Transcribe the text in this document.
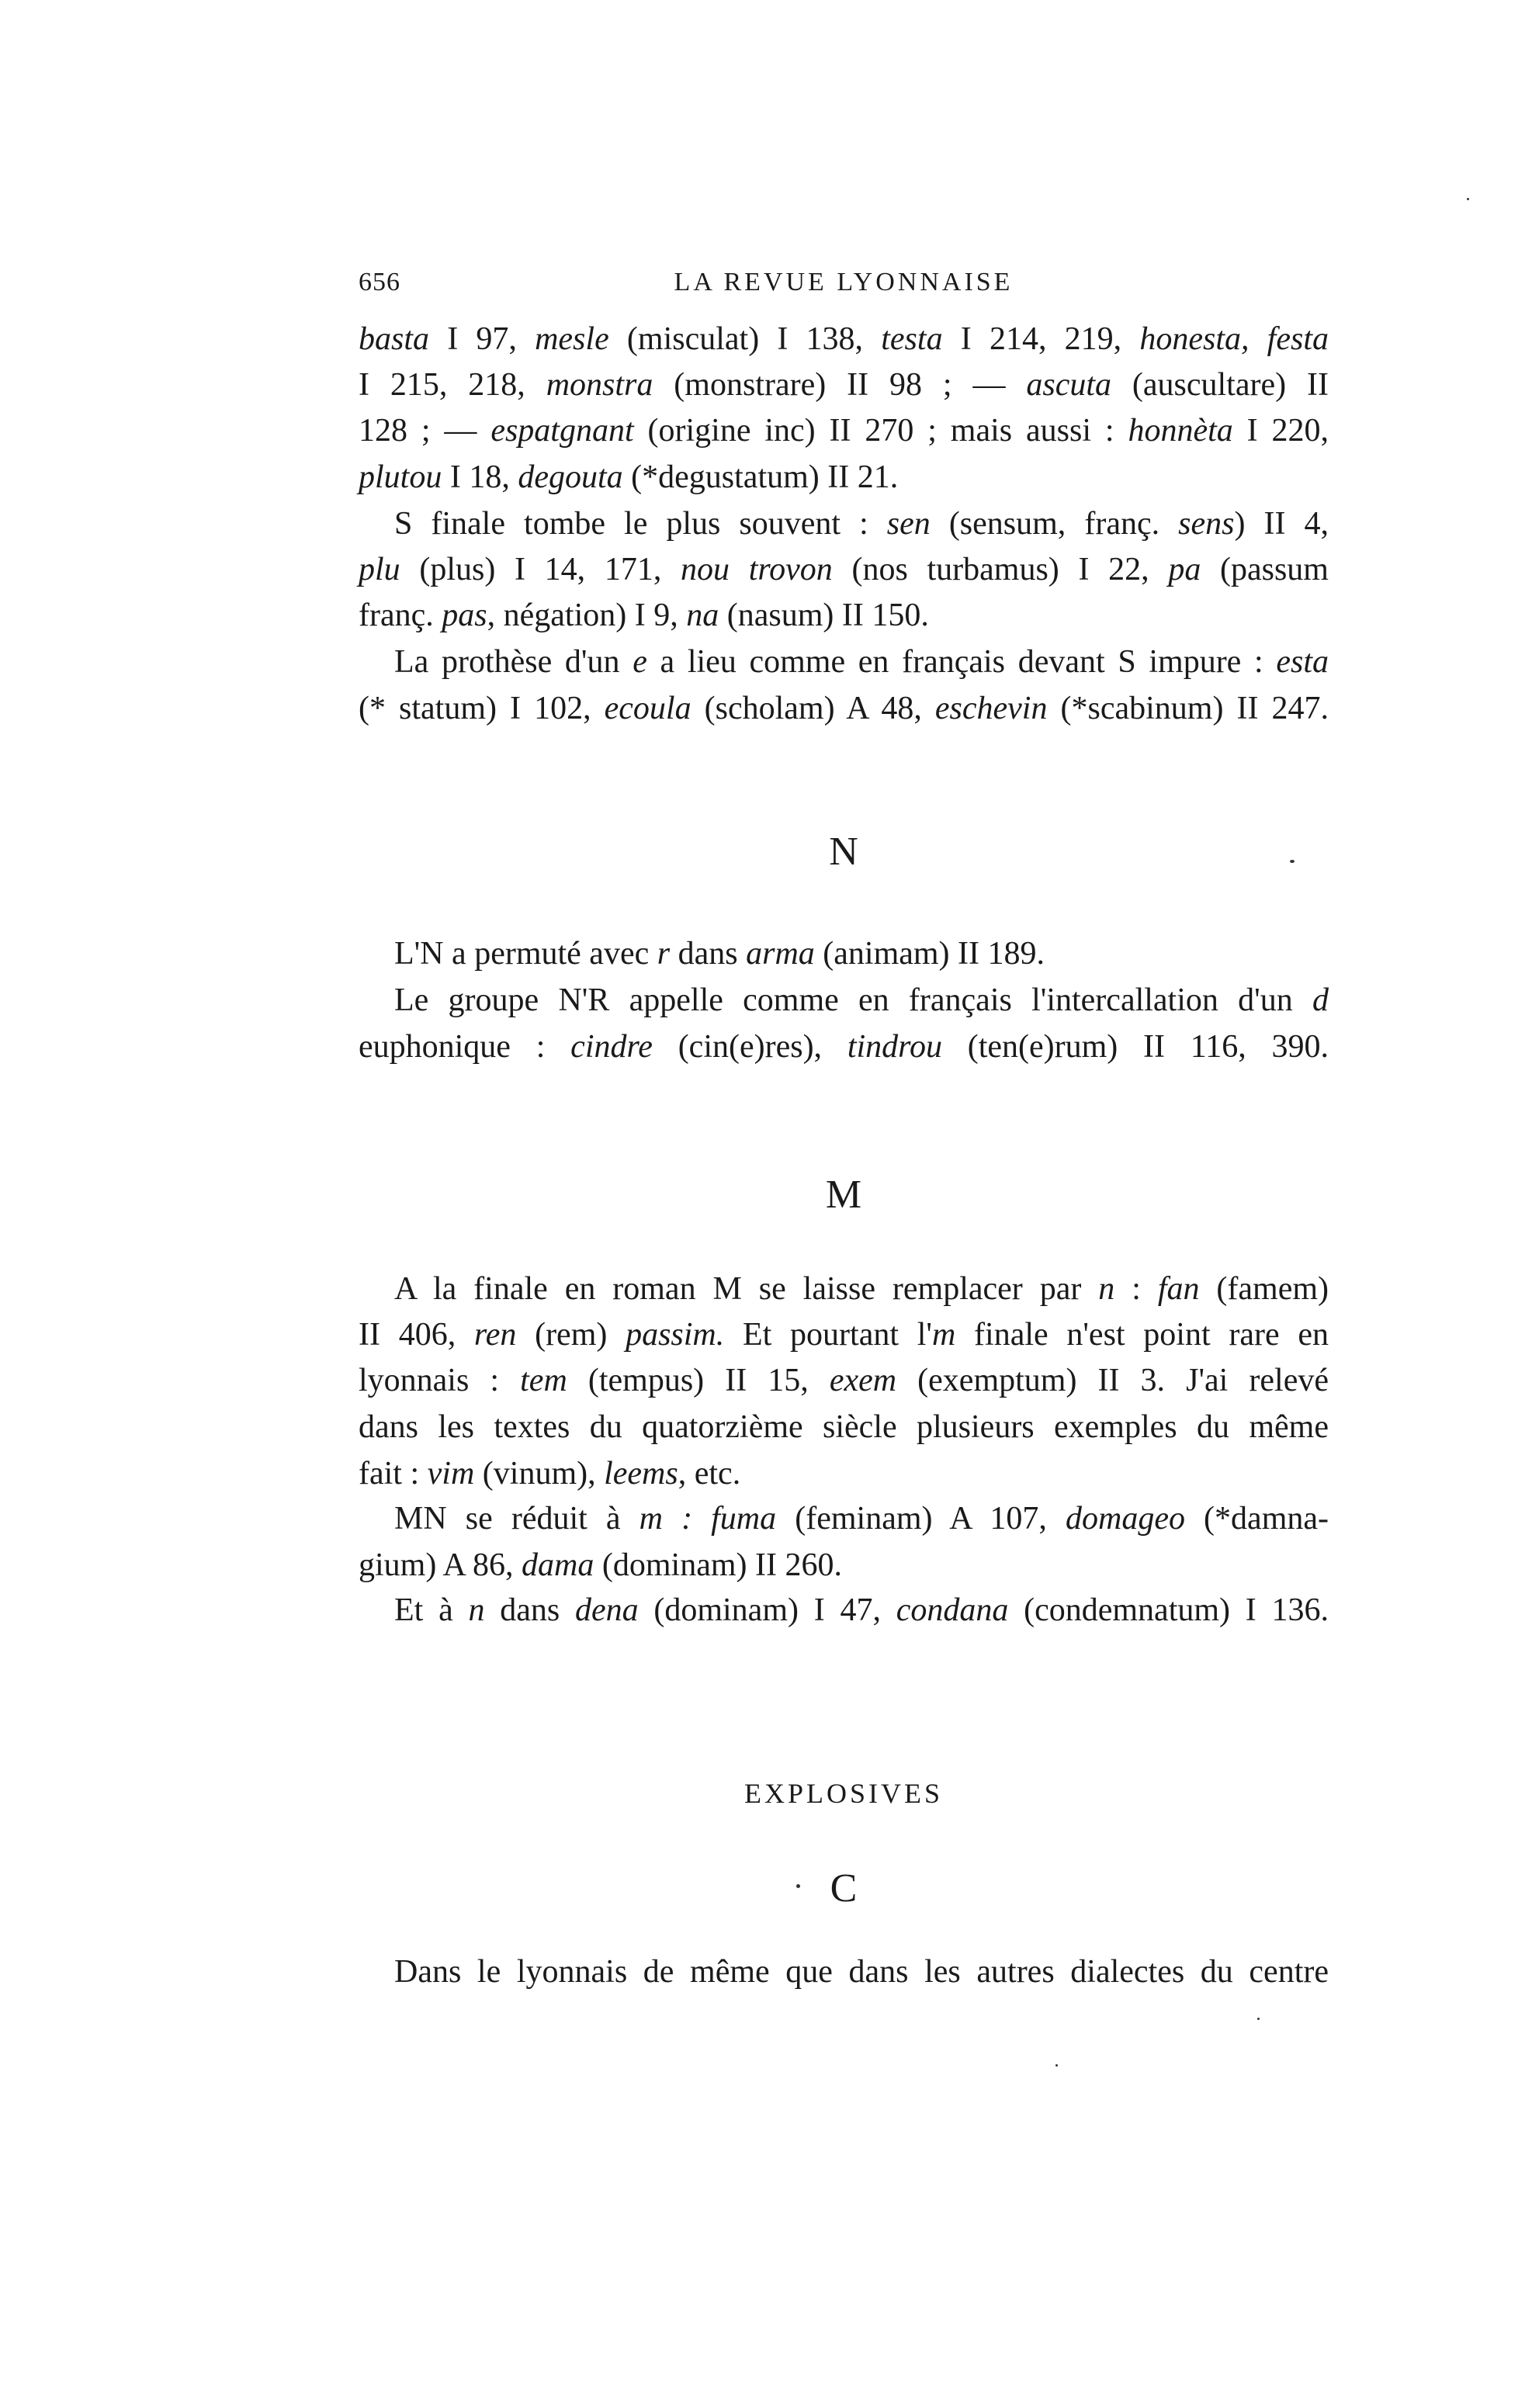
656	LA REVUE LYONNAISE
basta I 97, mesle (misculat) I 138, testa I 214, 219, honesta, festa
I 215, 218, monstra (monstrare) II 98 ; — ascuta (auscultare) II
128 ; — espatgnant (origine inc) II 270 ; mais aussi : honnèta I 220,
plutou I 18, degouta (*degustatum) II 21.
S finale tombe le plus souvent : sen (sensum, franç. sens) II 4,
plu (plus) I 14, 171, nou trovon (nos turbamus) I 22, pa (passum
franç. pas, négation) I 9, na (nasum) II 150.
La prothèse d'un e a lieu comme en français devant S impure : esta
(* statum) I 102, ecoula (scholam) A 48, eschevin (*scabinum) II 247.
N
L'N a permuté avec r dans arma (animam) II 189.
Le groupe N'R appelle comme en français l'intercallation d'un d
euphonique : cindre (cin(e)res), tindrou (ten(e)rum) II 116, 390.
M
A la finale en roman M se laisse remplacer par n : fan (famem)
II 406, ren (rem) passim. Et pourtant l'm finale n'est point rare en
lyonnais : tem (tempus) II 15, exem (exemptum) II 3. J'ai relevé
dans les textes du quatorzième siècle plusieurs exemples du même
fait : vim (vinum), leems, etc.
MN se réduit à m : fuma (feminam) A 107, domageo (*damna-
gium) A 86, dama (dominam) II 260.
Et à n dans dena (dominam) I 47, condana (condemnatum) I 136.
EXPLOSIVES
C
Dans le lyonnais de même que dans les autres dialectes du centre
